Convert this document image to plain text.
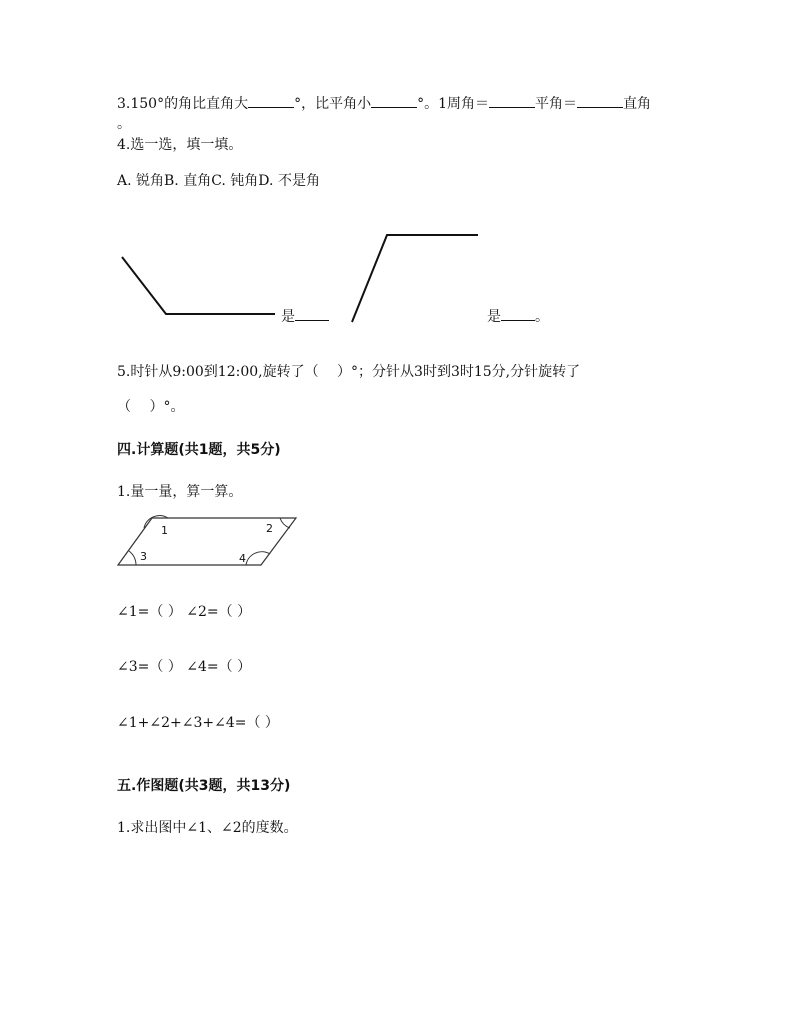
3.150°的角比直角大	°，比平角小	°。1周角＝	平角＝	直角
。
4.选一选，填一填。
A. 锐角B. 直角C. 钝角D. 不是角
是	是 。
5.时针从9:00到12:00,旋转了（　 ）°；分针从3时到3时15分,分针旋转了
（　 ）°。
四.计算题(共1题，共5分)
1.量一量，算一算。
1	2
3	4
∠1=（ ） ∠2=（ ）
∠3=（ ） ∠4=（ ）
∠1+∠2+∠3+∠4=（ ）
五.作图题(共3题，共13分)
1.求出图中∠1、∠2的度数。
